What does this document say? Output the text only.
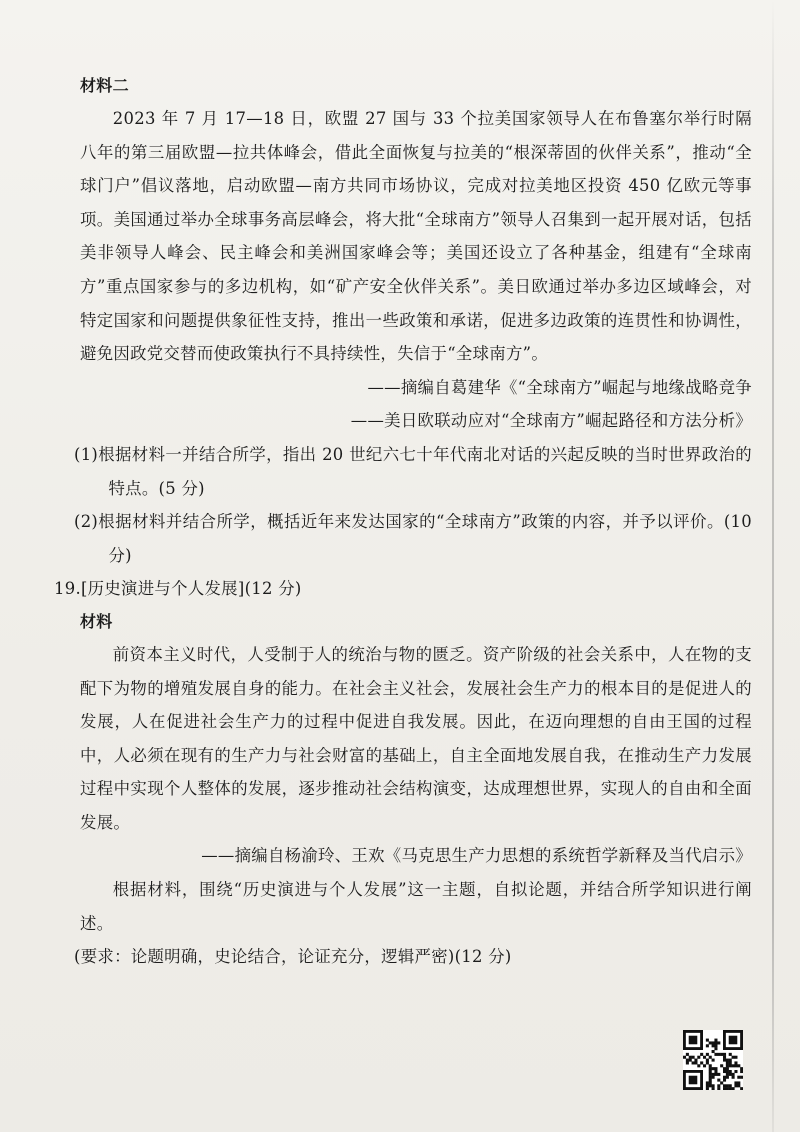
材料二

2023 年 7 月 17—18 日，欧盟 27 国与 33 个拉美国家领导人在布鲁塞尔举行时隔八年的第三届欧盟—拉共体峰会，借此全面恢复与拉美的“根深蒂固的伙伴关系”，推动“全球门户”倡议落地，启动欧盟—南方共同市场协议，完成对拉美地区投资 450 亿欧元等事项。美国通过举办全球事务高层峰会，将大批“全球南方”领导人召集到一起开展对话，包括美非领导人峰会、民主峰会和美洲国家峰会等；美国还设立了各种基金，组建有“全球南方”重点国家参与的多边机构，如“矿产安全伙伴关系”。美日欧通过举办多边区域峰会，对特定国家和问题提供象征性支持，推出一些政策和承诺，促进多边政策的连贯性和协调性，避免因政党交替而使政策执行不具持续性，失信于“全球南方”。

——摘编自葛建华《“全球南方”崛起与地缘战略竞争

——美日欧联动应对“全球南方”崛起路径和方法分析》

(1)根据材料一并结合所学，指出 20 世纪六七十年代南北对话的兴起反映的当时世界政治的特点。(5 分)

(2)根据材料并结合所学，概括近年来发达国家的“全球南方”政策的内容，并予以评价。(10 分)

19.[历史演进与个人发展](12 分)

材料

前资本主义时代，人受制于人的统治与物的匮乏。资产阶级的社会关系中，人在物的支配下为物的增殖发展自身的能力。在社会主义社会，发展社会生产力的根本目的是促进人的发展，人在促进社会生产力的过程中促进自我发展。因此，在迈向理想的自由王国的过程中，人必须在现有的生产力与社会财富的基础上，自主全面地发展自我，在推动生产力发展过程中实现个人整体的发展，逐步推动社会结构演变，达成理想世界，实现人的自由和全面发展。

——摘编自杨渝玲、王欢《马克思生产力思想的系统哲学新释及当代启示》

根据材料，围绕“历史演进与个人发展”这一主题，自拟论题，并结合所学知识进行阐述。

(要求：论题明确，史论结合，论证充分，逻辑严密)(12 分)
